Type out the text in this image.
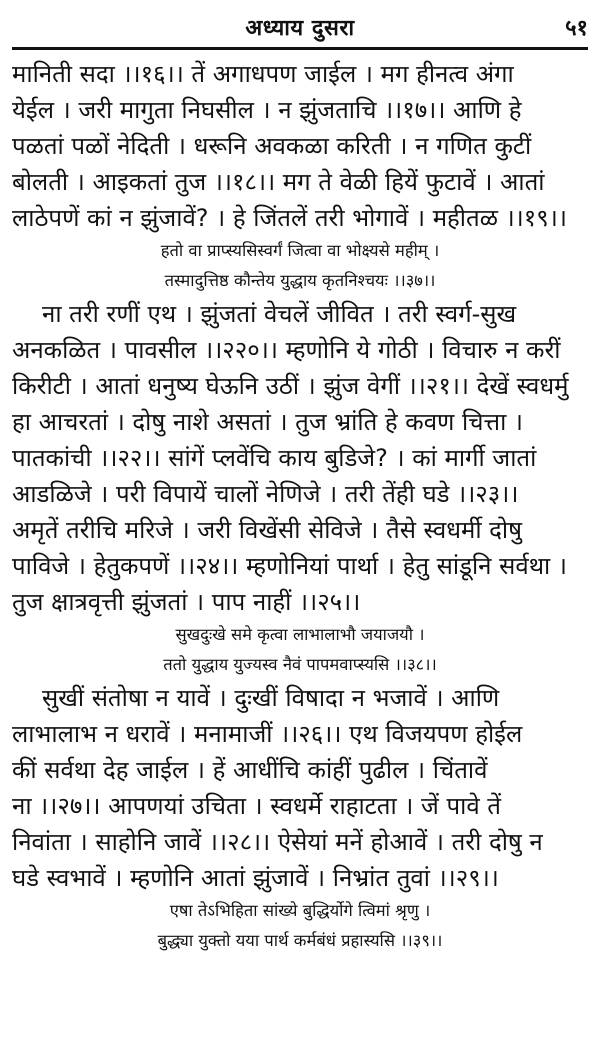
अध्याय दुसरा	५१
मानिती सदा ।।१६।। तें अगाधपण जाईल । मग हीनत्व अंगा
येईल । जरी मागुता निघसील । न झुंजताचि ।।१७।। आणि हे
पळतां पळों नेदिती । धरूनि अवकळा करिती । न गणित कुटीं
बोलती । आइकतां तुज ।।१८।। मग ते वेळी हियें फुटावें । आतां
लाठेपणें कां न झुंजावें? । हे जिंतलें तरी भोगावें । महीतळ ।।१९।।
हतो वा प्राप्स्यसिस्वर्गं जित्वा वा भोक्ष्यसे महीम् ।
तस्मादुत्तिष्ठ कौन्तेय युद्धाय कृतनिश्चयः ।।३७।।
ना तरी रणीं एथ । झुंजतां वेचलें जीवित । तरी स्वर्ग-सुख
अनकळित । पावसील ।।२२०।। म्हणोनि ये गोठी । विचारु न करीं
किरीटी । आतां धनुष्य घेऊनि उठीं । झुंज वेगीं ।।२१।। देखें स्वधर्मु
हा आचरतां । दोषु नाशे असतां । तुज भ्रांति हे कवण चित्ता ।
पातकांची ।।२२।। सांगें प्लवेंचि काय बुडिजे? । कां मार्गी जातां
आडळिजे । परी विपायें चालों नेणिजे । तरी तेंही घडे ।।२३।।
अमृतें तरीचि मरिजे । जरी विखेंसी सेविजे । तैसे स्वधर्मी दोषु
पाविजे । हेतुकपणें ।।२४।। म्हणोनियां पार्था । हेतु सांडूनि सर्वथा ।
तुज क्षात्रवृत्ती झुंजतां । पाप नाहीं ।।२५।।
सुखदुःखे समे कृत्वा लाभालाभौ जयाजयौ ।
ततो युद्धाय युज्यस्व नैवं पापमवाप्स्यसि ।।३८।।
सुखीं संतोषा न यावें । दुःखीं विषादा न भजावें । आणि
लाभालाभ न धरावें । मनामाजीं ।।२६।। एथ विजयपण होईल
कीं सर्वथा देह जाईल । हें आधींचि कांहीं पुढील । चिंतावें
ना ।।२७।। आपणयां उचिता । स्वधर्मे राहाटता । जें पावे तें
निवांता । साहोनि जावें ।।२८।। ऐसेयां मनें होआवें । तरी दोषु न
घडे स्वभावें । म्हणोनि आतां झुंजावें । निभ्रांत तुवां ।।२९।।
एषा तेऽभिहिता सांख्ये बुद्धिर्योगे त्विमां श्रृणु ।
बुद्ध्या युक्तो यया पार्थ कर्मबंधं प्रहास्यसि ।।३९।।
